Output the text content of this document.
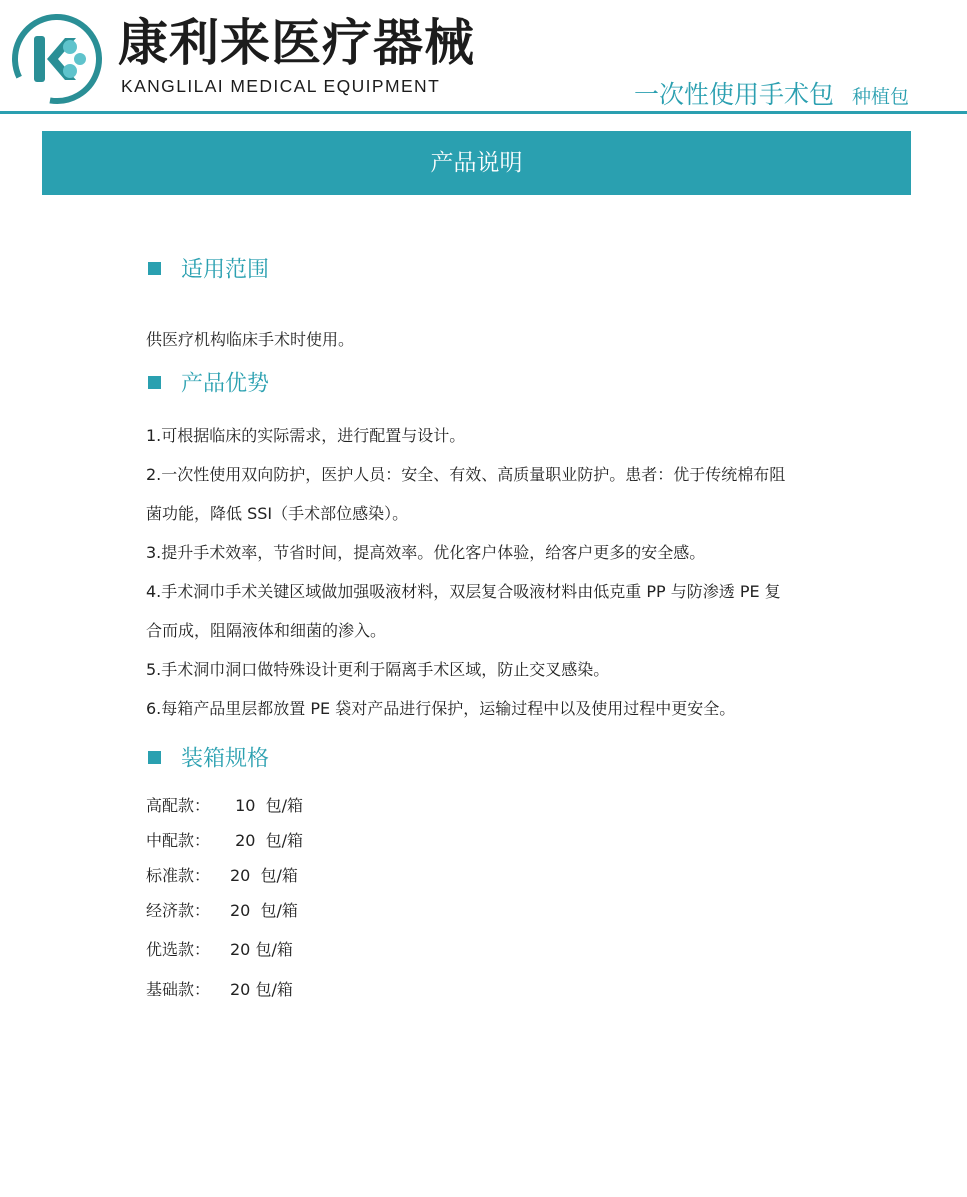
康利来医疗器械
KANGLILAI MEDICAL EQUIPMENT	一次性使用手术包 种植包
产品说明
适用范围
供医疗机构临床手术时使用。
产品优势
1.可根据临床的实际需求，进行配置与设计。
2.一次性使用双向防护，医护人员：安全、有效、高质量职业防护。患者：优于传统棉布阻
菌功能，降低 SSI（手术部位感染）。
3.提升手术效率，节省时间，提高效率。优化客户体验，给客户更多的安全感。
4.手术洞巾手术关键区域做加强吸液材料，双层复合吸液材料由低克重 PP 与防渗透 PE 复
合而成，阻隔液体和细菌的渗入。
5.手术洞巾洞口做特殊设计更利于隔离手术区域，防止交叉感染。
6.每箱产品里层都放置 PE 袋对产品进行保护，运输过程中以及使用过程中更安全。
装箱规格
高配款： 10  包/箱
中配款： 20  包/箱
标准款： 20  包/箱
经济款： 20  包/箱
优选款： 20 包/箱
基础款： 20 包/箱
